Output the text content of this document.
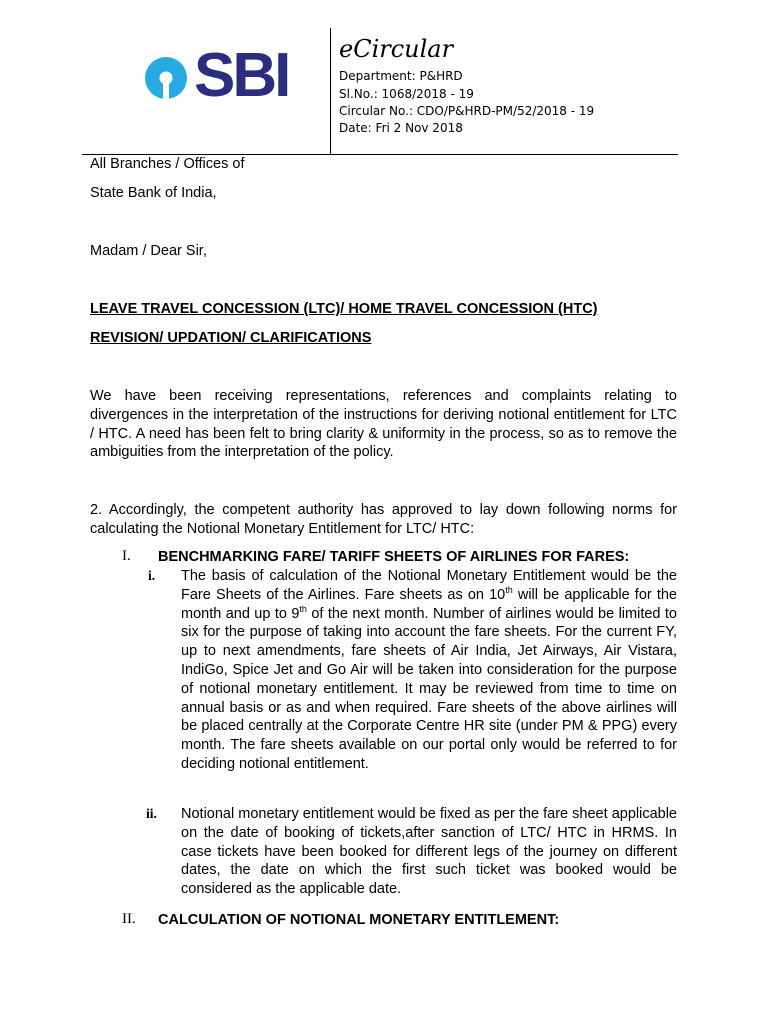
SBI eCircular
Department: P&HRD
Sl.No.: 1068/2018 - 19
Circular No.: CDO/P&HRD-PM/52/2018 - 19
Date: Fri 2 Nov 2018
All Branches / Offices of
State Bank of India,
Madam / Dear Sir,
LEAVE TRAVEL CONCESSION (LTC)/ HOME TRAVEL CONCESSION (HTC)
REVISION/ UPDATION/ CLARIFICATIONS
We have been receiving representations, references and complaints relating to divergences in the interpretation of the instructions for deriving notional entitlement for LTC / HTC. A need has been felt to bring clarity & uniformity in the process, so as to remove the ambiguities from the interpretation of the policy.
2. Accordingly, the competent authority has approved to lay down following norms for calculating the Notional Monetary Entitlement for LTC/ HTC:
I. BENCHMARKING FARE/ TARIFF SHEETS OF AIRLINES FOR FARES:
i. The basis of calculation of the Notional Monetary Entitlement would be the Fare Sheets of the Airlines. Fare sheets as on 10th will be applicable for the month and up to 9th of the next month. Number of airlines would be limited to six for the purpose of taking into account the fare sheets. For the current FY, up to next amendments, fare sheets of Air India, Jet Airways, Air Vistara, IndiGo, Spice Jet and Go Air will be taken into consideration for the purpose of notional monetary entitlement. It may be reviewed from time to time on annual basis or as and when required. Fare sheets of the above airlines will be placed centrally at the Corporate Centre HR site (under PM & PPG) every month. The fare sheets available on our portal only would be referred to for deciding notional entitlement.
ii. Notional monetary entitlement would be fixed as per the fare sheet applicable on the date of booking of tickets,after sanction of LTC/ HTC in HRMS. In case tickets have been booked for different legs of the journey on different dates, the date on which the first such ticket was booked would be considered as the applicable date.
II. CALCULATION OF NOTIONAL MONETARY ENTITLEMENT:
